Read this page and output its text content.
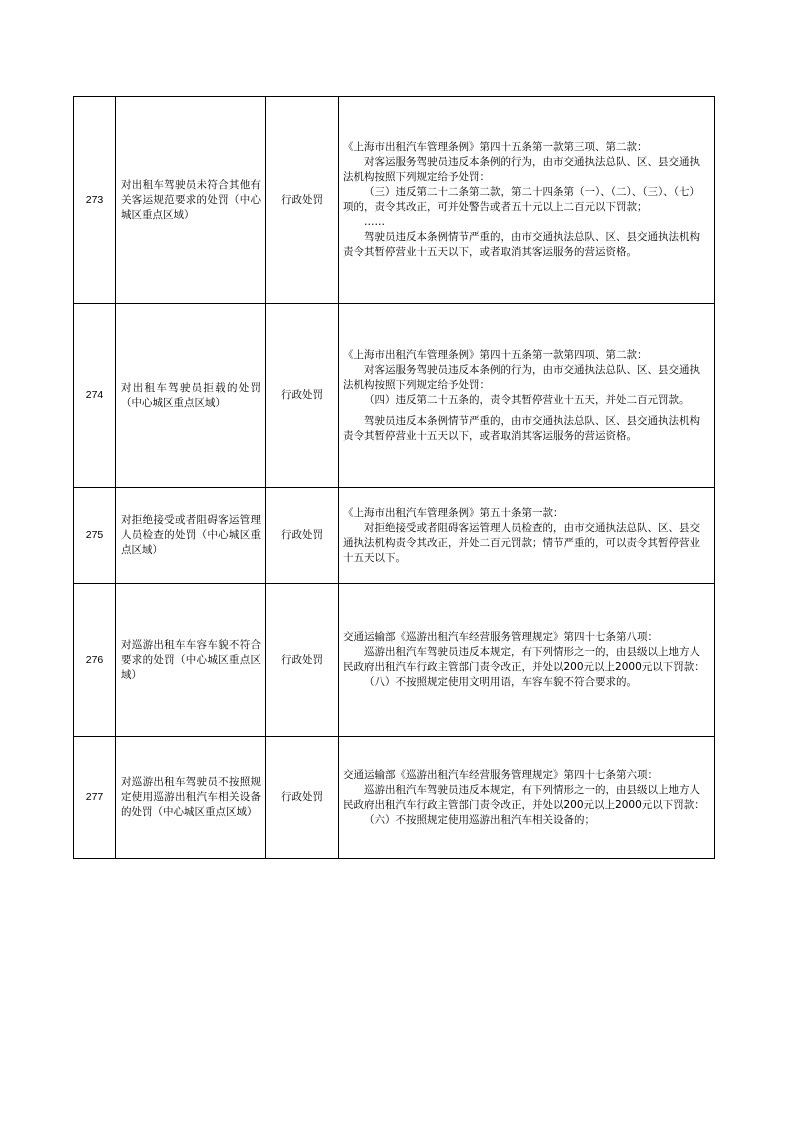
273	对出租车驾驶员未符合其他有关客运规范要求的处罚（中心城区重点区域）	行政处罚	《上海市出租汽车管理条例》第四十五条第一款第三项、第二款：
对客运服务驾驶员违反本条例的行为，由市交通执法总队、区、县交通执法机构按照下列规定给予处罚：
（三）违反第二十二条第二款，第二十四条第（一）、（二）、（三）、（七）项的，责令其改正，可并处警告或者五十元以上二百元以下罚款；
……
驾驶员违反本条例情节严重的，由市交通执法总队、区、县交通执法机构责令其暂停营业十五天以下，或者取消其客运服务的营运资格。

274	对出租车驾驶员拒载的处罚（中心城区重点区域）	行政处罚	《上海市出租汽车管理条例》第四十五条第一款第四项、第二款：
对客运服务驾驶员违反本条例的行为，由市交通执法总队、区、县交通执法机构按照下列规定给予处罚：
（四）违反第二十五条的，责令其暂停营业十五天，并处二百元罚款。
驾驶员违反本条例情节严重的，由市交通执法总队、区、县交通执法机构责令其暂停营业十五天以下，或者取消其客运服务的营运资格。

275	对拒绝接受或者阻碍客运管理人员检查的处罚（中心城区重点区域）	行政处罚	《上海市出租汽车管理条例》第五十条第一款：
对拒绝接受或者阻碍客运管理人员检查的，由市交通执法总队、区、县交通执法机构责令其改正，并处二百元罚款；情节严重的，可以责令其暂停营业十五天以下。

276	对巡游出租车车容车貌不符合要求的处罚（中心城区重点区域）	行政处罚	交通运输部《巡游出租汽车经营服务管理规定》第四十七条第八项：
巡游出租汽车驾驶员违反本规定，有下列情形之一的，由县级以上地方人民政府出租汽车行政主管部门责令改正，并处以200元以上2000元以下罚款：
（八）不按照规定使用文明用语，车容车貌不符合要求的。

277	对巡游出租车驾驶员不按照规定使用巡游出租汽车相关设备的处罚（中心城区重点区域）	行政处罚	交通运输部《巡游出租汽车经营服务管理规定》第四十七条第六项：
巡游出租汽车驾驶员违反本规定，有下列情形之一的，由县级以上地方人民政府出租汽车行政主管部门责令改正，并处以200元以上2000元以下罚款：
（六）不按照规定使用巡游出租汽车相关设备的；
